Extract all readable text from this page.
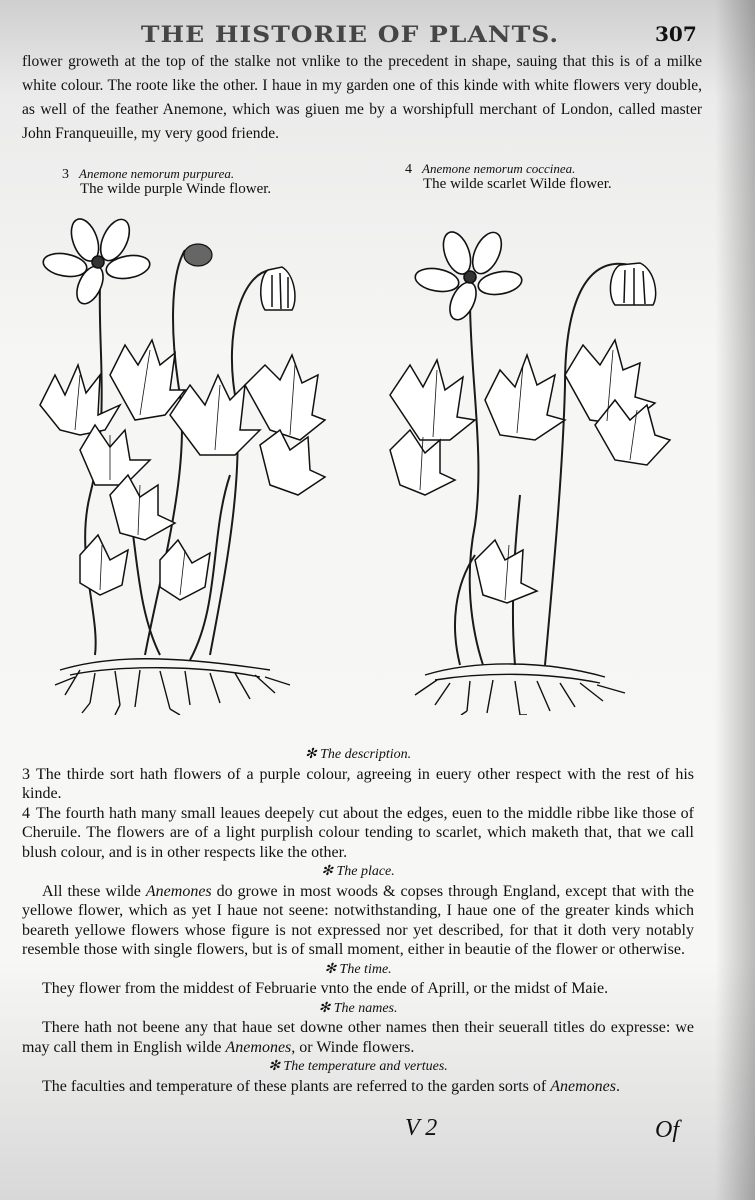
THE HISTORIE OF PLANTS.	307
flower groweth at the top of the stalke not vnlike to the precedent in shape, sauing that this is of a milke white colour. The roote like the other. I haue in my garden one of this kinde with white flowers very double, as well of the feather Anemone, which was giuen me by a worshipfull merchant of London, called master John Franqueuille, my very good friende.
3 Anemone nemorum purpurea.
The wilde purple Winde flower.
4 Anemone nemorum coccinea.
The wilde scarlet Wilde flower.

✻ The description.

3 The thirde sort hath flowers of a purple colour, agreeing in euery other respect with the rest of his kinde.

4 The fourth hath many small leaues deepely cut about the edges, euen to the middle ribbe like those of Cheruile. The flowers are of a light purplish colour tending to scarlet, which maketh that, that we call blush colour, and is in other respects like the other.

✻ The place.

All these wilde Anemones do growe in most woods & copses through England, except that with the yellowe flower, which as yet I haue not seene: notwithstanding, I haue one of the greater kinds which beareth yellowe flowers whose figure is not expressed nor yet described, for that it doth very notably resemble those with single flowers, but is of small moment, either in beautie of the flower or otherwise.

✻ The time.

They flower from the middest of Februarie vnto the ende of Aprill, or the midst of Maie.

✻ The names.

There hath not beene any that haue set downe other names then their seuerall titles do expresse: we may call them in English wilde Anemones, or Winde flowers.

✻ The temperature and vertues.

The faculties and temperature of these plants are referred to the garden sorts of Anemones.

V 2	Of
